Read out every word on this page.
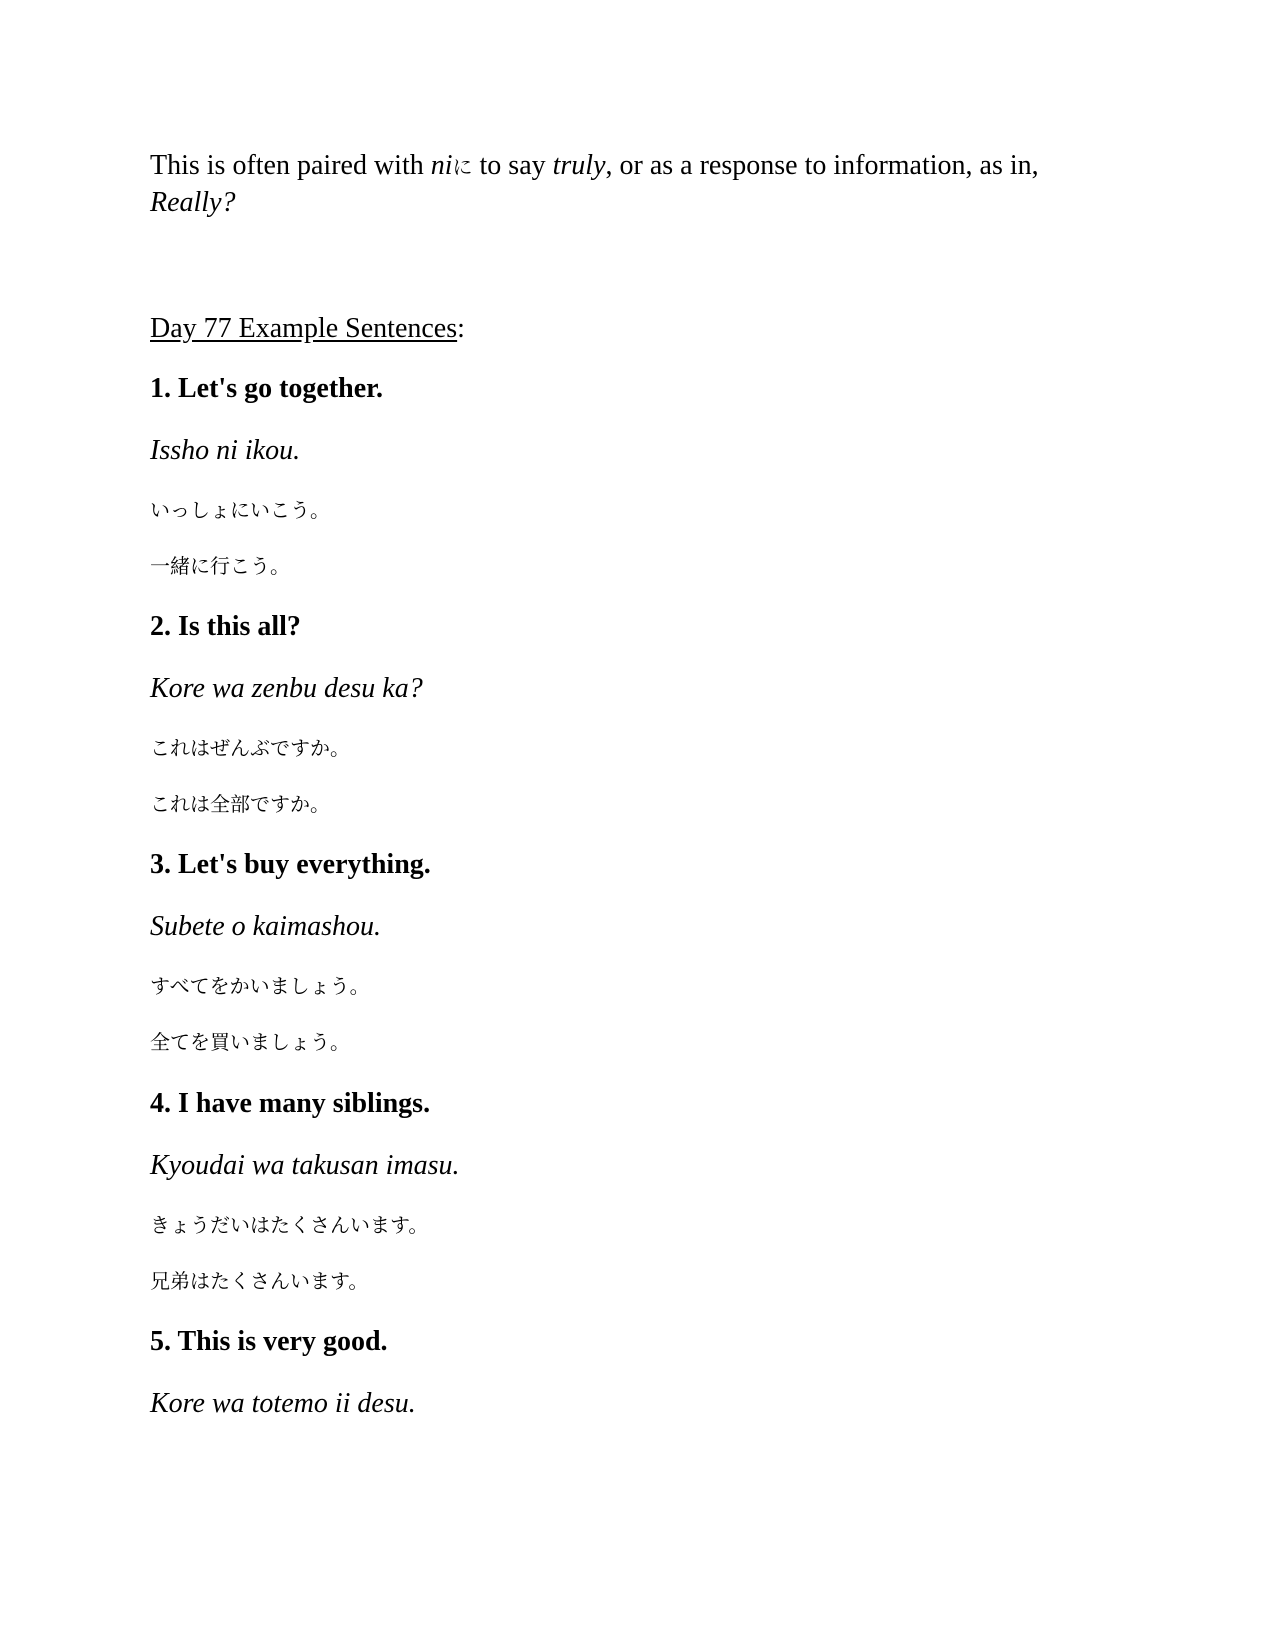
This is often paired with niに to say truly, or as a response to information, as in, Really?

Day 77 Example Sentences:
1. Let's go together.
Issho ni ikou.
いっしょにいこう。
一緒に行こう。
2. Is this all?
Kore wa zenbu desu ka?
これはぜんぶですか。
これは全部ですか。
3. Let's buy everything.
Subete o kaimashou.
すべてをかいましょう。
全てを買いましょう。
4. I have many siblings.
Kyoudai wa takusan imasu.
きょうだいはたくさんいます。
兄弟はたくさんいます。
5. This is very good.
Kore wa totemo ii desu.
